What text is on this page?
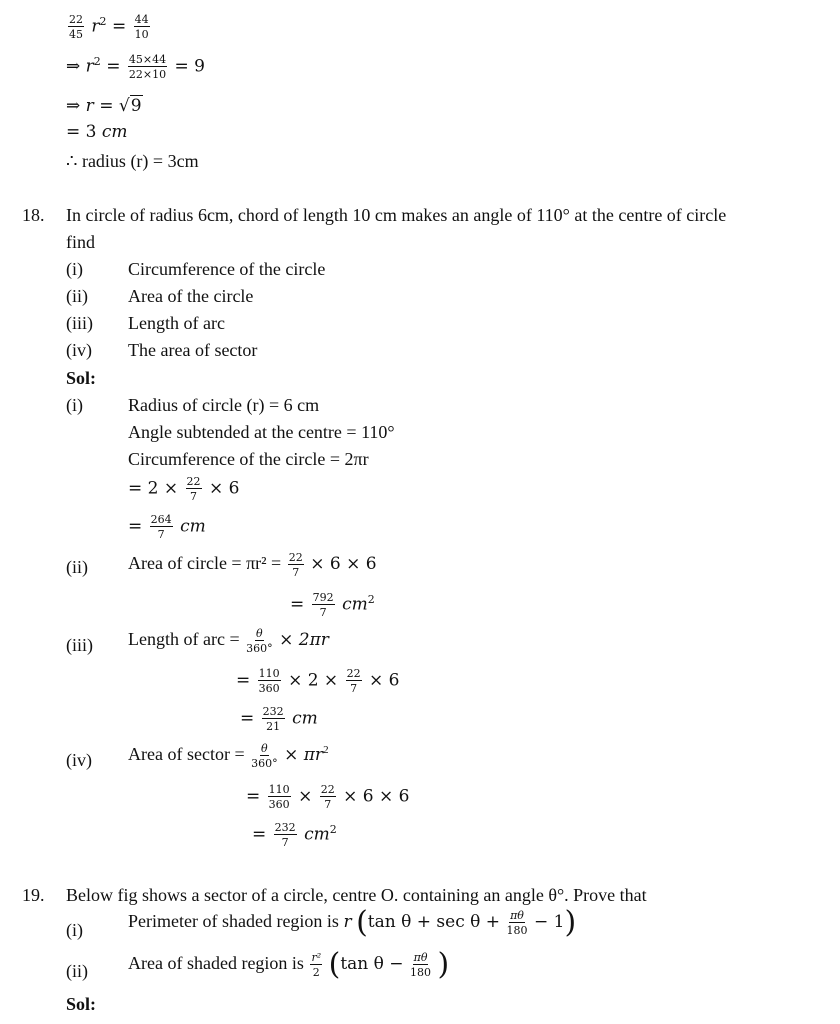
$\frac{22}{45} r^2 = \frac{44}{10}$
⇒ $r^2 = \frac{45\times 44}{22\times 10} = 9$
⇒ r = √9
= 3 cm
∴ radius (r) = 3cm
18. In circle of radius 6cm, chord of length 10 cm makes an angle of 110° at the centre of circle
find
(i)	Circumference of the circle
(ii) Area of the circle
(iii) Length of arc
(iv) The area of sector
Sol:
(i)	Radius of circle (r) = 6 cm
Angle subtended at the centre = 110°
Circumference of the circle = 2πr
= $2 \times \frac{22}{7} \times 6$
= $\frac{264}{7}$ cm
(ii) Area of circle = $\pi r^2 = \frac{22}{7} \times 6 \times 6$
= $\frac{792}{7} cm^2$
(iii) Length of arc = $\frac{\theta}{360^\circ} \times 2\pi r$
= $\frac{110}{360} \times 2 \times \frac{22}{7} \times 6$
= $\frac{232}{21}$ cm
(iv) Area of sector = $\frac{\theta}{360^\circ} \times \pi r^2$
= $\frac{110}{360} \times \frac{22}{7} \times 6 \times 6$
= $\frac{232}{7} cm^2$
19. Below fig shows a sector of a circle, centre O. containing an angle θ°. Prove that
(i)	Perimeter of shaded region is r (tan $\theta + \sec \theta + \frac{\pi\theta}{180} - 1$)
(ii) Area of shaded region is $\frac{\text{r²}}{2} (\tan$ $\theta - \frac{\pi\theta}{180}$ )
Sol:
